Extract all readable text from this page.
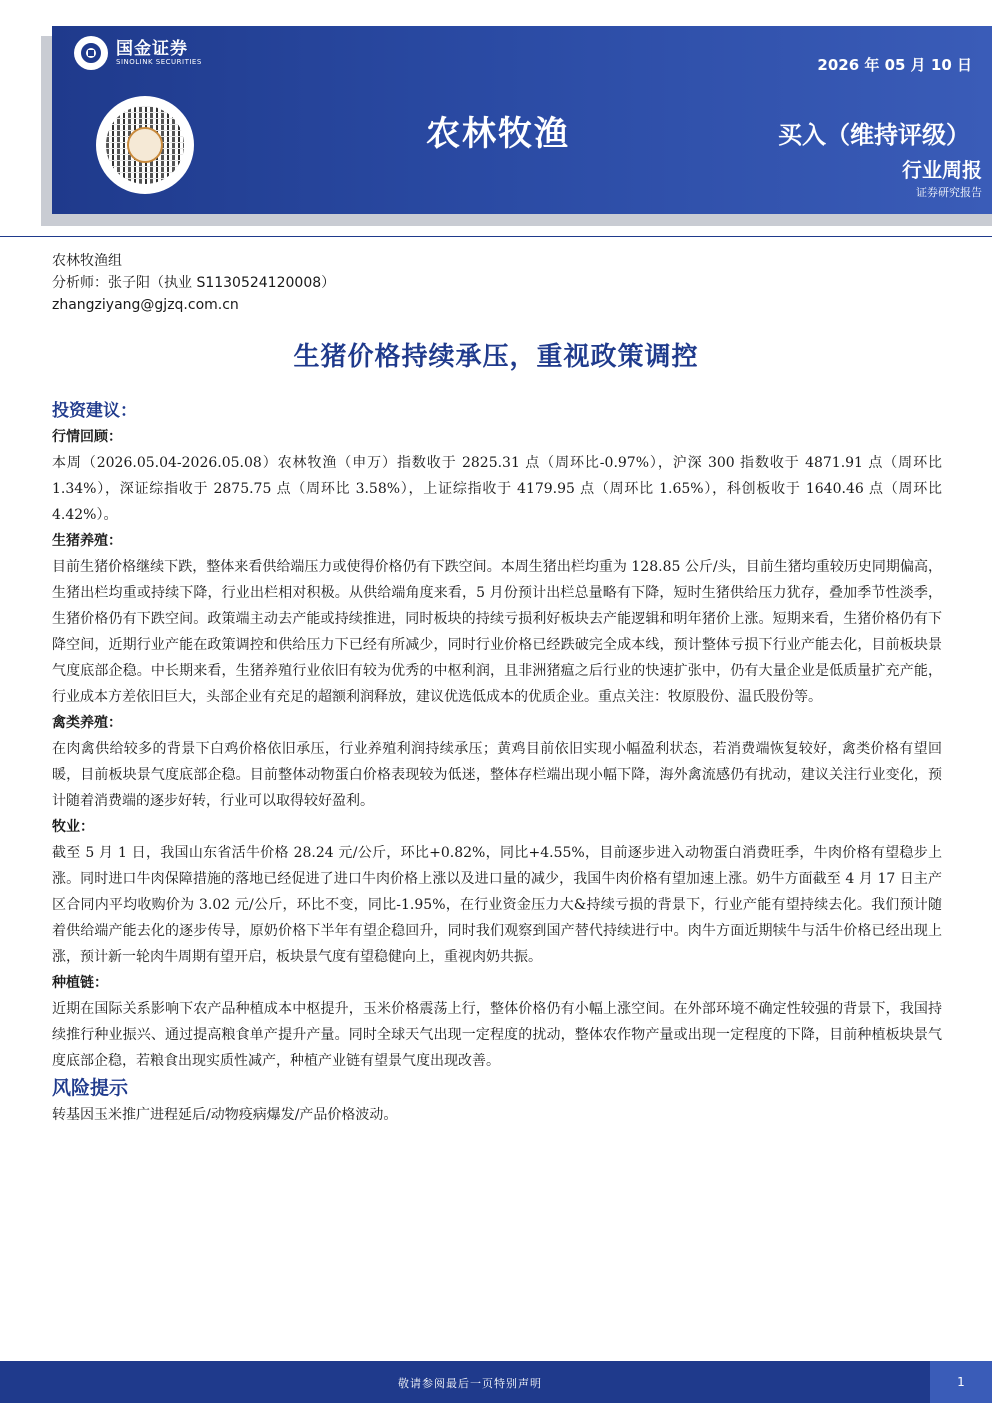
国金证券
SINOLINK SECURITIES
农林牧渔
2026 年 05 月 10 日
买入（维持评级）
行业周报
证券研究报告
农林牧渔组
分析师：张子阳（执业 S1130524120008）
zhangziyang@gjzq.com.cn
生猪价格持续承压，重视政策调控
投资建议：
行情回顾：

本周（2026.05.04-2026.05.08）农林牧渔（申万）指数收于 2825.31 点（周环比-0.97%），沪深 300 指数收于 4871.91 点（周环比 1.34%），深证综指收于 2875.75 点（周环比 3.58%），上证综指收于 4179.95 点（周环比 1.65%），科创板收于 1640.46 点（周环比 4.42%）。

生猪养殖：

目前生猪价格继续下跌，整体来看供给端压力或使得价格仍有下跌空间。本周生猪出栏均重为 128.85 公斤/头，目前生猪均重较历史同期偏高，生猪出栏均重或持续下降，行业出栏相对积极。从供给端角度来看，5 月份预计出栏总量略有下降，短时生猪供给压力犹存，叠加季节性淡季，生猪价格仍有下跌空间。政策端主动去产能或持续推进，同时板块的持续亏损利好板块去产能逻辑和明年猪价上涨。短期来看，生猪价格仍有下降空间，近期行业产能在政策调控和供给压力下已经有所减少，同时行业价格已经跌破完全成本线，预计整体亏损下行业产能去化，目前板块景气度底部企稳。中长期来看，生猪养殖行业依旧有较为优秀的中枢利润，且非洲猪瘟之后行业的快速扩张中，仍有大量企业是低质量扩充产能，行业成本方差依旧巨大，头部企业有充足的超额利润释放，建议优选低成本的优质企业。重点关注：牧原股份、温氏股份等。

禽类养殖：

在肉禽供给较多的背景下白鸡价格依旧承压，行业养殖利润持续承压；黄鸡目前依旧实现小幅盈利状态，若消费端恢复较好，禽类价格有望回暖，目前板块景气度底部企稳。目前整体动物蛋白价格表现较为低迷，整体存栏端出现小幅下降，海外禽流感仍有扰动，建议关注行业变化，预计随着消费端的逐步好转，行业可以取得较好盈利。

牧业：

截至 5 月 1 日，我国山东省活牛价格 28.24 元/公斤，环比+0.82%，同比+4.55%，目前逐步进入动物蛋白消费旺季，牛肉价格有望稳步上涨。同时进口牛肉保障措施的落地已经促进了进口牛肉价格上涨以及进口量的减少，我国牛肉价格有望加速上涨。奶牛方面截至 4 月 17 日主产区合同内平均收购价为 3.02 元/公斤，环比不变，同比-1.95%，在行业资金压力大&持续亏损的背景下，行业产能有望持续去化。我们预计随着供给端产能去化的逐步传导，原奶价格下半年有望企稳回升，同时我们观察到国产替代持续进行中。肉牛方面近期犊牛与活牛价格已经出现上涨，预计新一轮肉牛周期有望开启，板块景气度有望稳健向上，重视肉奶共振。

种植链：

近期在国际关系影响下农产品种植成本中枢提升，玉米价格震荡上行，整体价格仍有小幅上涨空间。在外部环境不确定性较强的背景下，我国持续推行种业振兴、通过提高粮食单产提升产量。同时全球天气出现一定程度的扰动，整体农作物产量或出现一定程度的下降，目前种植板块景气度底部企稳，若粮食出现实质性减产，种植产业链有望景气度出现改善。

风险提示

转基因玉米推广进程延后/动物疫病爆发/产品价格波动。

敬请参阅最后一页特别声明	1
